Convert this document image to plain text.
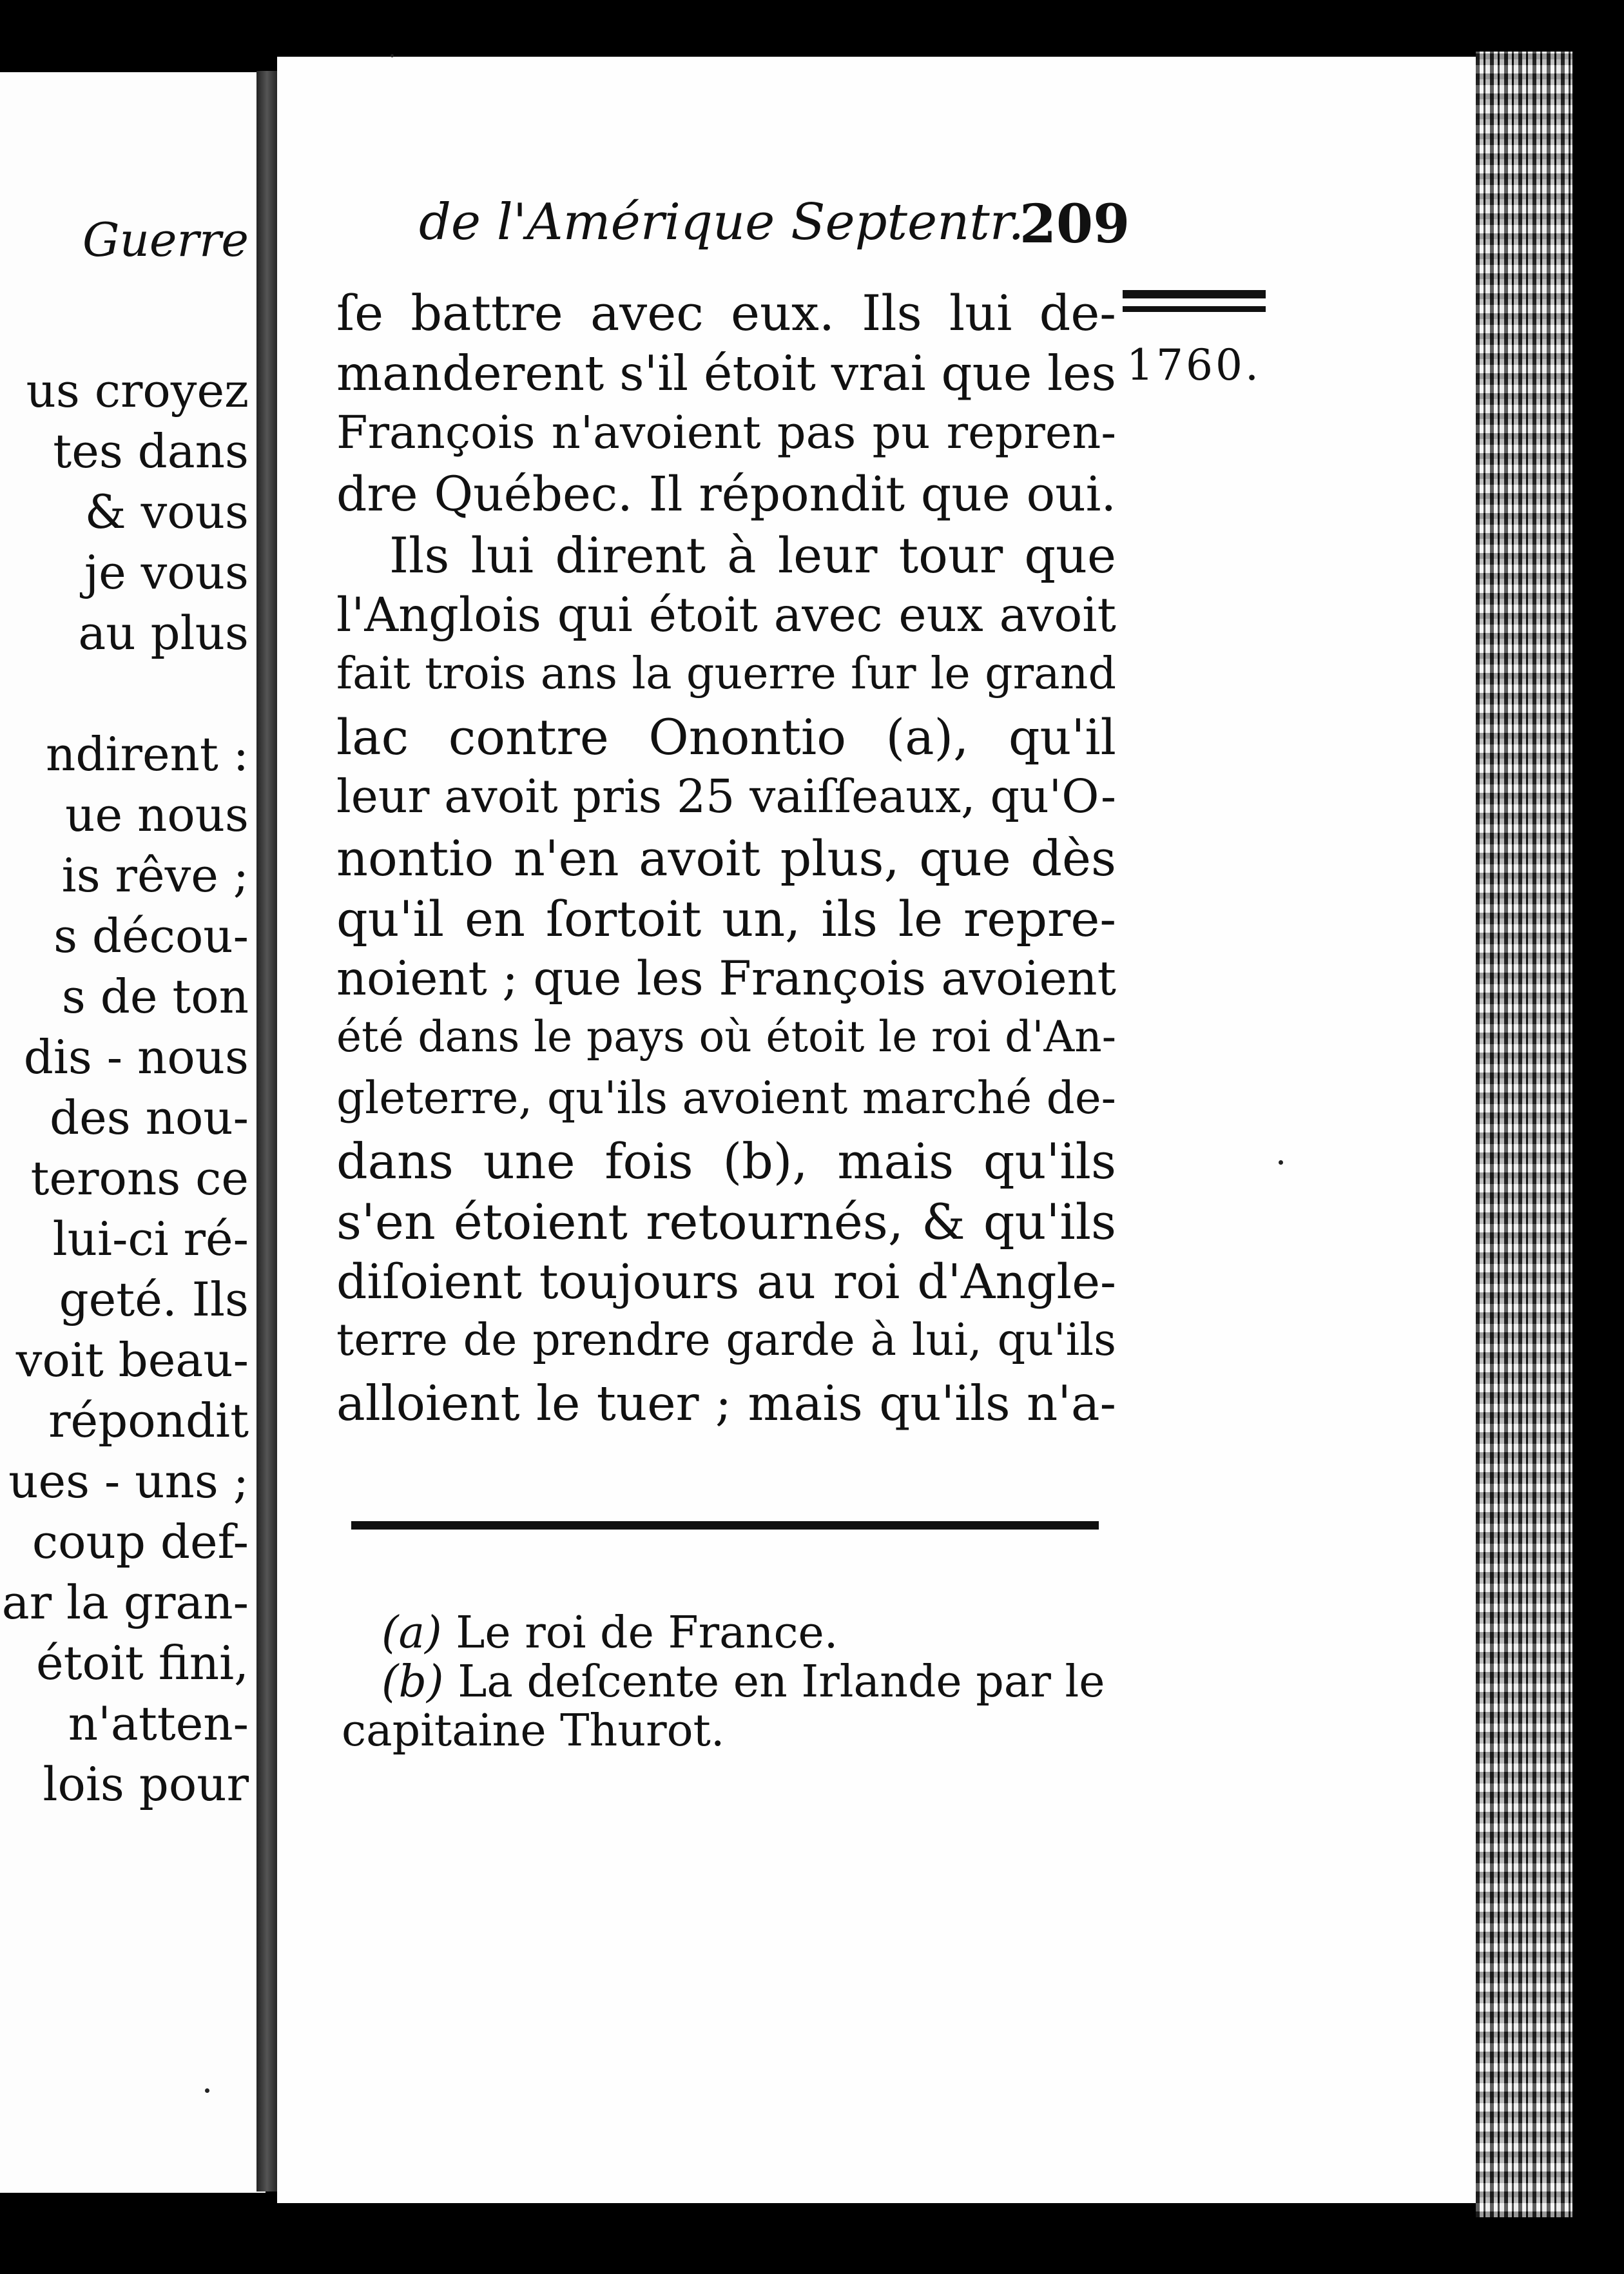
Guerre
us croyez
tes dans
& vous
je vous
au plus
ndirent :
ue nous
is rêve ;
s décou-
s de ton
dis - nous
des nou-
terons ce
lui-ci ré-
geté. Ils
voit beau-
répondit
ues - uns ;
coup def-
ar la gran-
étoit fini,
n'atten-
lois pour
de l'Amérique Septentr.
209
1760.
ſe battre avec eux. Ils lui de-
manderent s'il étoit vrai que les
François n'avoient pas pu repren-
dre Québec. Il répondit que oui.
Ils lui dirent à leur tour que
l'Anglois qui étoit avec eux avoit
fait trois ans la guerre ſur le grand
lac contre Onontio (a), qu'il
leur avoit pris 25 vaiſſeaux, qu'O-
nontio n'en avoit plus, que dès
qu'il en ſortoit un, ils le repre-
noient ; que les François avoient
été dans le pays où étoit le roi d'An-
gleterre, qu'ils avoient marché de-
dans une fois (b), mais qu'ils
s'en étoient retournés, & qu'ils
diſoient toujours au roi d'Angle-
terre de prendre garde à lui, qu'ils
alloient le tuer ; mais qu'ils n'a-
(a) Le roi de France.
(b) La deſcente en Irlande par le
capitaine Thurot.
